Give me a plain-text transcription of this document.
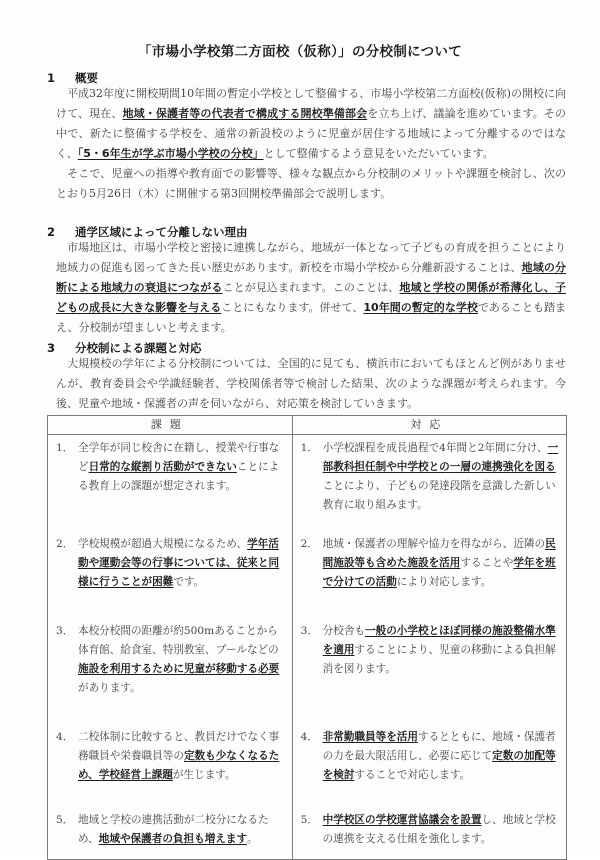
「市場小学校第二方面校（仮称）」の分校制について
1 概要
平成32年度に開校期間10年間の暫定小学校として整備する、市場小学校第二方面校(仮称)の開校に向けて、現在、地域・保護者等の代表者で構成する開校準備部会を立ち上げ、議論を進めています。その中で、新たに整備する学校を、通常の新設校のように児童が居住する地域によって分離するのではなく、「5・6年生が学ぶ市場小学校の分校」として整備するよう意見をいただいています。
そこで、児童への指導や教育面での影響等、様々な観点から分校制のメリットや課題を検討し、次のとおり5月26日（木）に開催する第3回開校準備部会で説明します。
2 通学区域によって分離しない理由
市場地区は、市場小学校と密接に連携しながら、地域が一体となって子どもの育成を担うことにより地域力の促進も図ってきた長い歴史があります。新校を市場小学校から分離新設することは、地域の分断による地域力の衰退につながることが見込まれます。このことは、地域と学校の関係が希薄化し、子どもの成長に大きな影響を与えることにもなります。併せて、10年間の暫定的な学校であることも踏まえ、分校制が望ましいと考えます。
3 分校制による課題と対応
大規模校の学年による分校制については、全国的に見ても、横浜市においてもほとんど例がありませんが、教育委員会や学識経験者、学校関係者等で検討した結果、次のような課題が考えられます。今後、児童や地域・保護者の声を伺いながら、対応策を検討していきます。
課題	対応

1． 全学年が同じ校舎に在籍し、授業や行事など日常的な縦割り活動ができないことによる教育上の課題が想定されます。	1． 小学校課程を成長過程で4年間と2年間に分け、一部教科担任制や中学校との一層の連携強化を図ることにより、子どもの発達段階を意識した新しい教育に取り組みます。

2． 学校規模が超過大規模になるため、学年活動や運動会等の行事については、従来と同様に行うことが困難です。	2． 地域・保護者の理解や協力を得ながら、近隣の民間施設等も含めた施設を活用することや学年を班で分けての活動により対応します。

3． 本校分校間の距離が約500mあることから体育館、給食室、特別教室、プールなどの施設を利用するために児童が移動する必要があります。	3． 分校舎も一般の小学校とほぼ同様の施設整備水準を適用することにより、児童の移動による負担解消を図ります。

4． 二校体制に比較すると、教員だけでなく事務職員や栄養職員等の定数も少なくなるため、学校経営上課題が生じます。	4． 非常勤職員等を活用するとともに、地域・保護者の力を最大限活用し、必要に応じて定数の加配等を検討することで対応します。

5． 地域と学校の連携活動が二校分になるため、地域や保護者の負担も増えます。	5． 中学校区の学校運営協議会を設置し、地域と学校の連携を支える仕組を強化します。
